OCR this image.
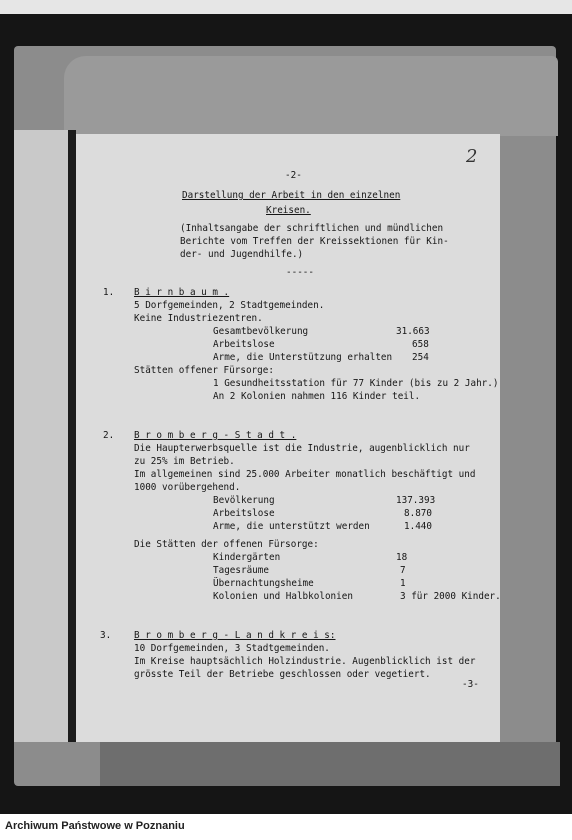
2
-2-
Darstellung der Arbeit in den einzelnen
Kreisen.
(Inhaltsangabe der schriftlichen und mündlichen
Berichte vom Treffen der Kreissektionen für Kin-
der- und Jugendhilfe.)
-----
1. B i r n b a u m .
5 Dorfgemeinden, 2 Stadtgemeinden.
Keine Industriezentren.
Gesamtbevölkerung	31.663
Arbeitslose	658
Arme, die Unterstützung erhalten 254
Stätten offener Fürsorge:
1 Gesundheitsstation für 77 Kinder (bis zu 2 Jahr.)
An 2 Kolonien nahmen 116 Kinder teil.
2. B r o m b e r g - S t a d t .
Die Haupterwerbsquelle ist die Industrie, augenblicklich nur
zu 25% im Betrieb.
Im allgemeinen sind 25.000 Arbeiter monatlich beschäftigt und
1000 vorübergehend.
Bevölkerung	137.393
Arbeitslose	8.870
Arme, die unterstützt werden	1.440
Die Stätten der offenen Fürsorge:
Kindergärten	18
Tagesräume	7
Übernachtungsheime	1
Kolonien und Halbkolonien	3 für 2000 Kinder.
3. B r o m b e r g - L a n d k r e i s:
10 Dorfgemeinden, 3 Stadtgemeinden.
Im Kreise hauptsächlich Holzindustrie. Augenblicklich ist der
grösste Teil der Betriebe geschlossen oder vegetiert.
-3-
Archiwum Państwowe w Poznaniu
